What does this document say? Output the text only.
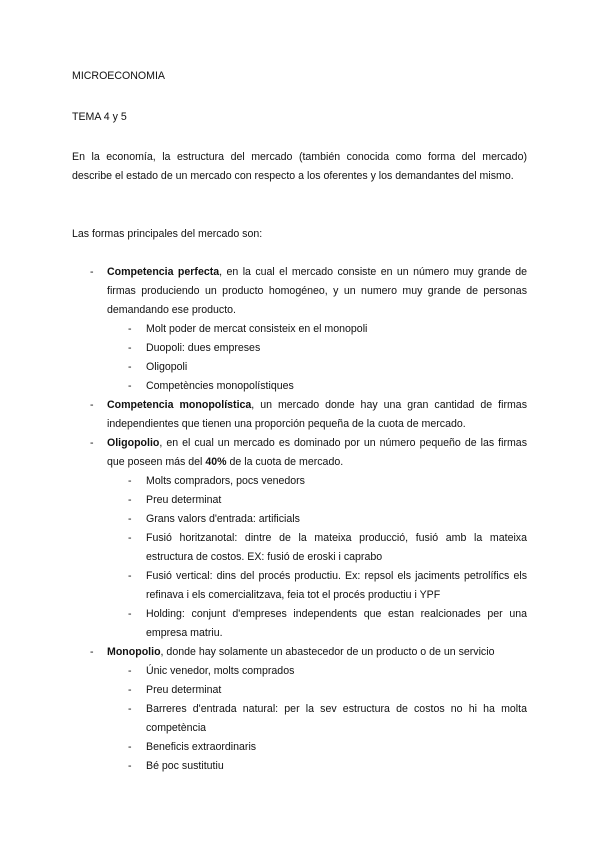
MICROECONOMIA
TEMA 4 y 5
En la economía, la estructura del mercado (también conocida como forma del mercado) describe el estado de un mercado con respecto a los oferentes y los demandantes del mismo.
Las formas principales del mercado son:
- Competencia perfecta, en la cual el mercado consiste en un número muy grande de firmas produciendo un producto homogéneo, y un numero muy grande de personas demandando ese producto.
- Molt poder de mercat consisteix en el monopoli
- Duopoli: dues empreses
- Oligopoli
- Competències monopolístiques
- Competencia monopolística, un mercado donde hay una gran cantidad de firmas independientes que tienen una proporción pequeña de la cuota de mercado.
- Oligopolio, en el cual un mercado es dominado por un número pequeño de las firmas que poseen más del 40% de la cuota de mercado.
- Molts compradors, pocs venedors
- Preu determinat
- Grans valors d'entrada: artificials
- Fusió horitzanotal: dintre de la mateixa producció, fusió amb la mateixa estructura de costos. EX: fusió de eroski i caprabo
- Fusió vertical: dins del procés productiu. Ex: repsol els jaciments petrolífics els refinava i els comercialitzava, feia tot el procés productiu i YPF
- Holding: conjunt d'empreses independents que estan realcionades per una empresa matriu.
- Monopolio, donde hay solamente un abastecedor de un producto o de un servicio
- Únic venedor, molts comprados
- Preu determinat
- Barreres d'entrada natural: per la sev estructura de costos no hi ha molta competència
- Beneficis extraordinaris
- Bé poc sustitutiu
